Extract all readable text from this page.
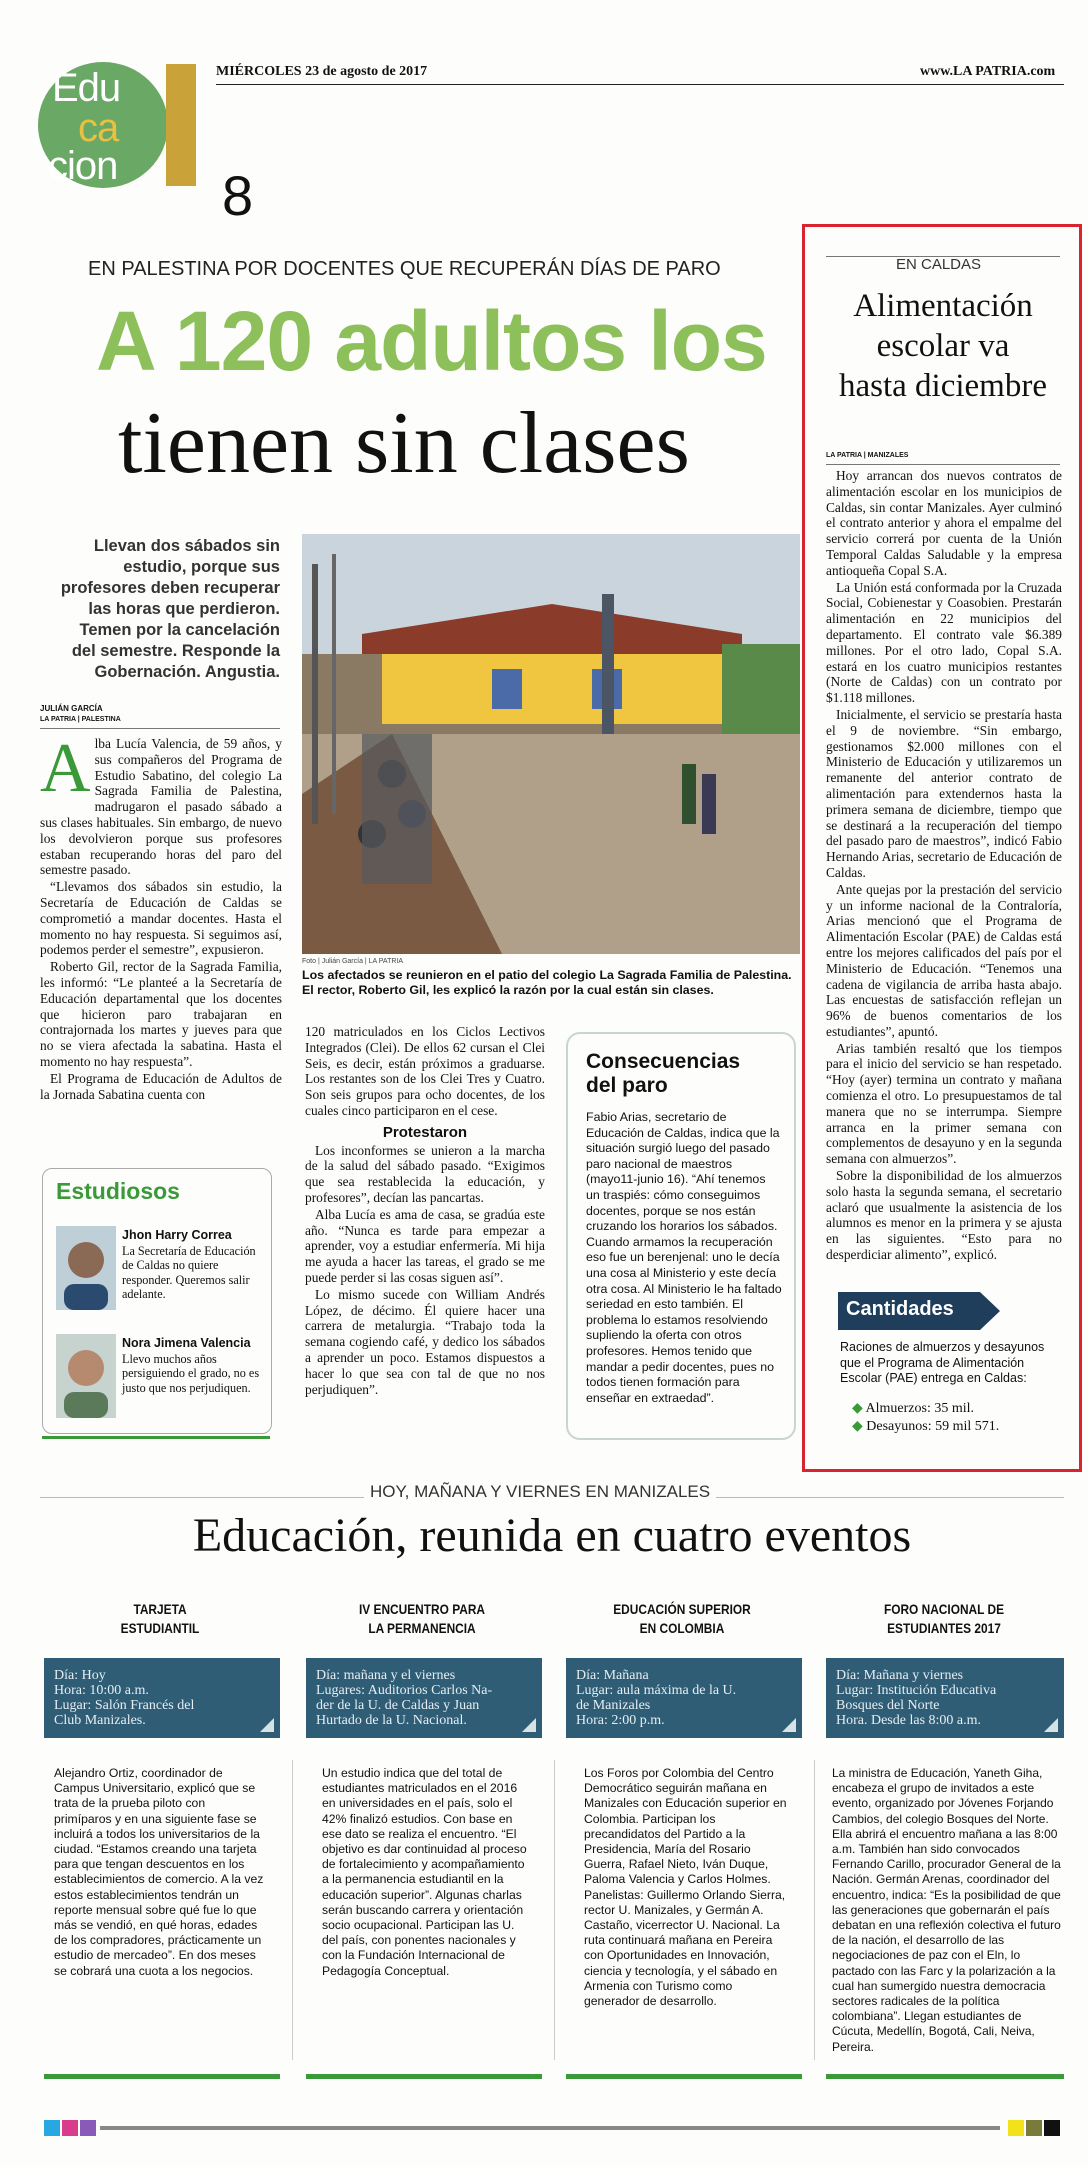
Edu
ca
cion 8
MIÉRCOLES 23 de agosto de 2017	www.LA PATRIA.com
EN PALESTINA POR DOCENTES QUE RECUPERÁN DÍAS DE PARO
A 120 adultos los
tienen sin clases
Llevan dos sábados sin estudio, porque sus profesores deben recuperar las horas que perdieron. Temen por la cancelación del semestre. Responde la Gobernación. Angustia.
JULIÁN GARCÍA
LA PATRIA | PALESTINA
A lba Lucía Valencia, de 59 años, y sus compañeros del Programa de Estudio Sabatino, del colegio La Sagrada Familia de Palestina, madrugaron el pasado sábado a sus clases habituales. Sin embargo, de nuevo los devolvieron porque sus profesores estaban recuperando horas del paro del semestre pasado.

“Llevamos dos sábados sin estudio, la Secretaría de Educación de Caldas se comprometió a mandar docentes. Hasta el momento no hay respuesta. Si seguimos así, podemos perder el semestre”, expusieron.

Roberto Gil, rector de la Sagrada Familia, les informó: “Le planteé a la Secretaría de Educación departamental que los docentes que hicieron paro trabajaran en contrajornada los martes y jueves para que no se viera afectada la sabatina. Hasta el momento no hay respuesta”.

El Programa de Educación de Adultos de la Jornada Sabatina cuenta con

Foto | Julián García | LA PATRIA
Los afectados se reunieron en el patio del colegio La Sagrada Familia de Palestina. El rector, Roberto Gil, les explicó la razón por la cual están sin clases.

120 matriculados en los Ciclos Lectivos Integrados (Clei). De ellos 62 cursan el Clei Seis, es decir, están próximos a graduarse. Los restantes son de los Clei Tres y Cuatro. Son seis grupos para ocho docentes, de los cuales cinco participaron en el cese.

Protestaron

Los inconformes se unieron a la marcha de la salud del sábado pasado. “Exigimos que sea restablecida la educación, y profesores”, decían las pancartas.

Alba Lucía es ama de casa, se gradúa este año. “Nunca es tarde para empezar a aprender, voy a estudiar enfermería. Mi hija me ayuda a hacer las tareas, el grado se me puede perder si las cosas siguen así”.

Lo mismo sucede con William Andrés López, de décimo. Él quiere hacer una carrera de metalurgia. “Trabajo toda la semana cogiendo café, y dedico los sábados a aprender un poco. Estamos dispuestos a hacer lo que sea con tal de que no nos perjudiquen”.

Estudiosos
Jhon Harry Correa
La Secretaría de Educación de Caldas no quiere responder. Queremos salir adelante.
Nora Jimena Valencia
Llevo muchos años persiguiendo el grado, no es justo que nos perjudiquen.
Consecuencias
del paro
Fabio Arias, secretario de Educación de Caldas, indica que la situación surgió luego del pasado paro nacional de maestros (mayo11-junio 16). “Ahí tenemos un traspiés: cómo conseguimos docentes, porque se nos están cruzando los horarios los sábados. Cuando armamos la recuperación eso fue un berenjenal: uno le decía una cosa al Ministerio y este decía otra cosa. Al Ministerio le ha faltado seriedad en esto también. El problema lo estamos resolviendo supliendo la oferta con otros profesores. Hemos tenido que mandar a pedir docentes, pues no todos tienen formación para enseñar en extraedad”.
EN CALDAS
Alimentación
escolar va
hasta diciembre
LA PATRIA | MANIZALES

Hoy arrancan dos nuevos contratos de alimentación escolar en los municipios de Caldas, sin contar Manizales. Ayer culminó el contrato anterior y ahora el empalme del servicio correrá por cuenta de la Unión Temporal Caldas Saludable y la empresa antioqueña Copal S.A.

La Unión está conformada por la Cruzada Social, Cobienestar y Coasobien. Prestarán alimentación en 22 municipios del departamento. El contrato vale $6.389 millones. Por el otro lado, Copal S.A. estará en los cuatro municipios restantes (Norte de Caldas) con un contrato por $1.118 millones.

Inicialmente, el servicio se prestaría hasta el 9 de noviembre. “Sin embargo, gestionamos $2.000 millones con el Ministerio de Educación y utilizaremos un remanente del anterior contrato de alimentación para extendernos hasta la primera semana de diciembre, tiempo que se destinará a la recuperación del tiempo del pasado paro de maestros”, indicó Fabio Hernando Arias, secretario de Educación de Caldas.

Ante quejas por la prestación del servicio y un informe nacional de la Contraloría, Arias mencionó que el Programa de Alimentación Escolar (PAE) de Caldas está entre los mejores calificados del país por el Ministerio de Educación. “Tenemos una cadena de vigilancia de arriba hasta abajo. Las encuestas de satisfacción reflejan un 96% de buenos comentarios de los estudiantes”, apuntó.

Arias también resaltó que los tiempos para el inicio del servicio se han respetado. “Hoy (ayer) termina un contrato y mañana comienza el otro. Lo presupuestamos de tal manera que no se interrumpa. Siempre arranca en la primer semana con complementos de desayuno y en la segunda semana con almuerzos”.

Sobre la disponibilidad de los almuerzos solo hasta la segunda semana, el secretario aclaró que usualmente la asistencia de los alumnos es menor en la primera y se ajusta en las siguientes. “Esto para no desperdiciar alimento”, explicó.

Cantidades
Raciones de almuerzos y desayunos que el Programa de Alimentación Escolar (PAE) entrega en Caldas:
◆ Almuerzos: 35 mil.
◆ Desayunos: 59 mil 571.
HOY, MAÑANA Y VIERNES EN MANIZALES
Educación, reunida en cuatro eventos
TARJETA
ESTUDIANTIL
Día: Hoy
Hora: 10:00 a.m.
Lugar: Salón Francés del
Club Manizales.
Alejandro Ortiz, coordinador de Campus Universitario, explicó que se trata de la prueba piloto con primíparos y en una siguiente fase se incluirá a todos los universitarios de la ciudad. “Estamos creando una tarjeta para que tengan descuentos en los establecimientos de comercio. A la vez estos establecimientos tendrán un reporte mensual sobre qué fue lo que más se vendió, en qué horas, edades de los compradores, prácticamente un estudio de mercadeo”. En dos meses se cobrará una cuota a los negocios.
IV ENCUENTRO PARA
LA PERMANENCIA
Día: mañana y el viernes
Lugares: Auditorios Carlos Na-
der de la U. de Caldas y Juan
Hurtado de la U. Nacional.
Un estudio indica que del total de estudiantes matriculados en el 2016 en universidades en el país, solo el 42% finalizó estudios. Con base en ese dato se realiza el encuentro. “El objetivo es dar continuidad al proceso de fortalecimiento y acompañamiento a la permanencia estudiantil en la educación superior”. Algunas charlas serán buscando carrera y orientación socio ocupacional. Participan las U. del país, con ponentes nacionales y con la Fundación Internacional de Pedagogía Conceptual.
EDUCACIÓN SUPERIOR
EN COLOMBIA
Día: Mañana
Lugar: aula máxima de la U.
de Manizales
Hora: 2:00 p.m.
Los Foros por Colombia del Centro Democrático seguirán mañana en Manizales con Educación superior en Colombia. Participan los precandidatos del Partido a la Presidencia, María del Rosario Guerra, Rafael Nieto, Iván Duque, Paloma Valencia y Carlos Holmes. Panelistas: Guillermo Orlando Sierra, rector U. Manizales, y Germán A. Castaño, vicerrector U. Nacional. La ruta continuará mañana en Pereira con Oportunidades en Innovación, ciencia y tecnología, y el sábado en Armenia con Turismo como generador de desarrollo.
FORO NACIONAL DE
ESTUDIANTES 2017
Día: Mañana y viernes
Lugar: Institución Educativa
Bosques del Norte
Hora. Desde las 8:00 a.m.
La ministra de Educación, Yaneth Giha, encabeza el grupo de invitados a este evento, organizado por Jóvenes Forjando Cambios, del colegio Bosques del Norte. Ella abrirá el encuentro mañana a las 8:00 a.m. También han sido convocados Fernando Carillo, procurador General de la Nación. Germán Arenas, coordinador del encuentro, indica: “Es la posibilidad de que las generaciones que gobernarán el país debatan en una reflexión colectiva el futuro de la nación, el desarrollo de las negociaciones de paz con el Eln, lo pactado con las Farc y la polarización a la cual han sumergido nuestra democracia sectores radicales de la política colombiana”. Llegan estudiantes de Cúcuta, Medellín, Bogotá, Cali, Neiva, Pereira.
